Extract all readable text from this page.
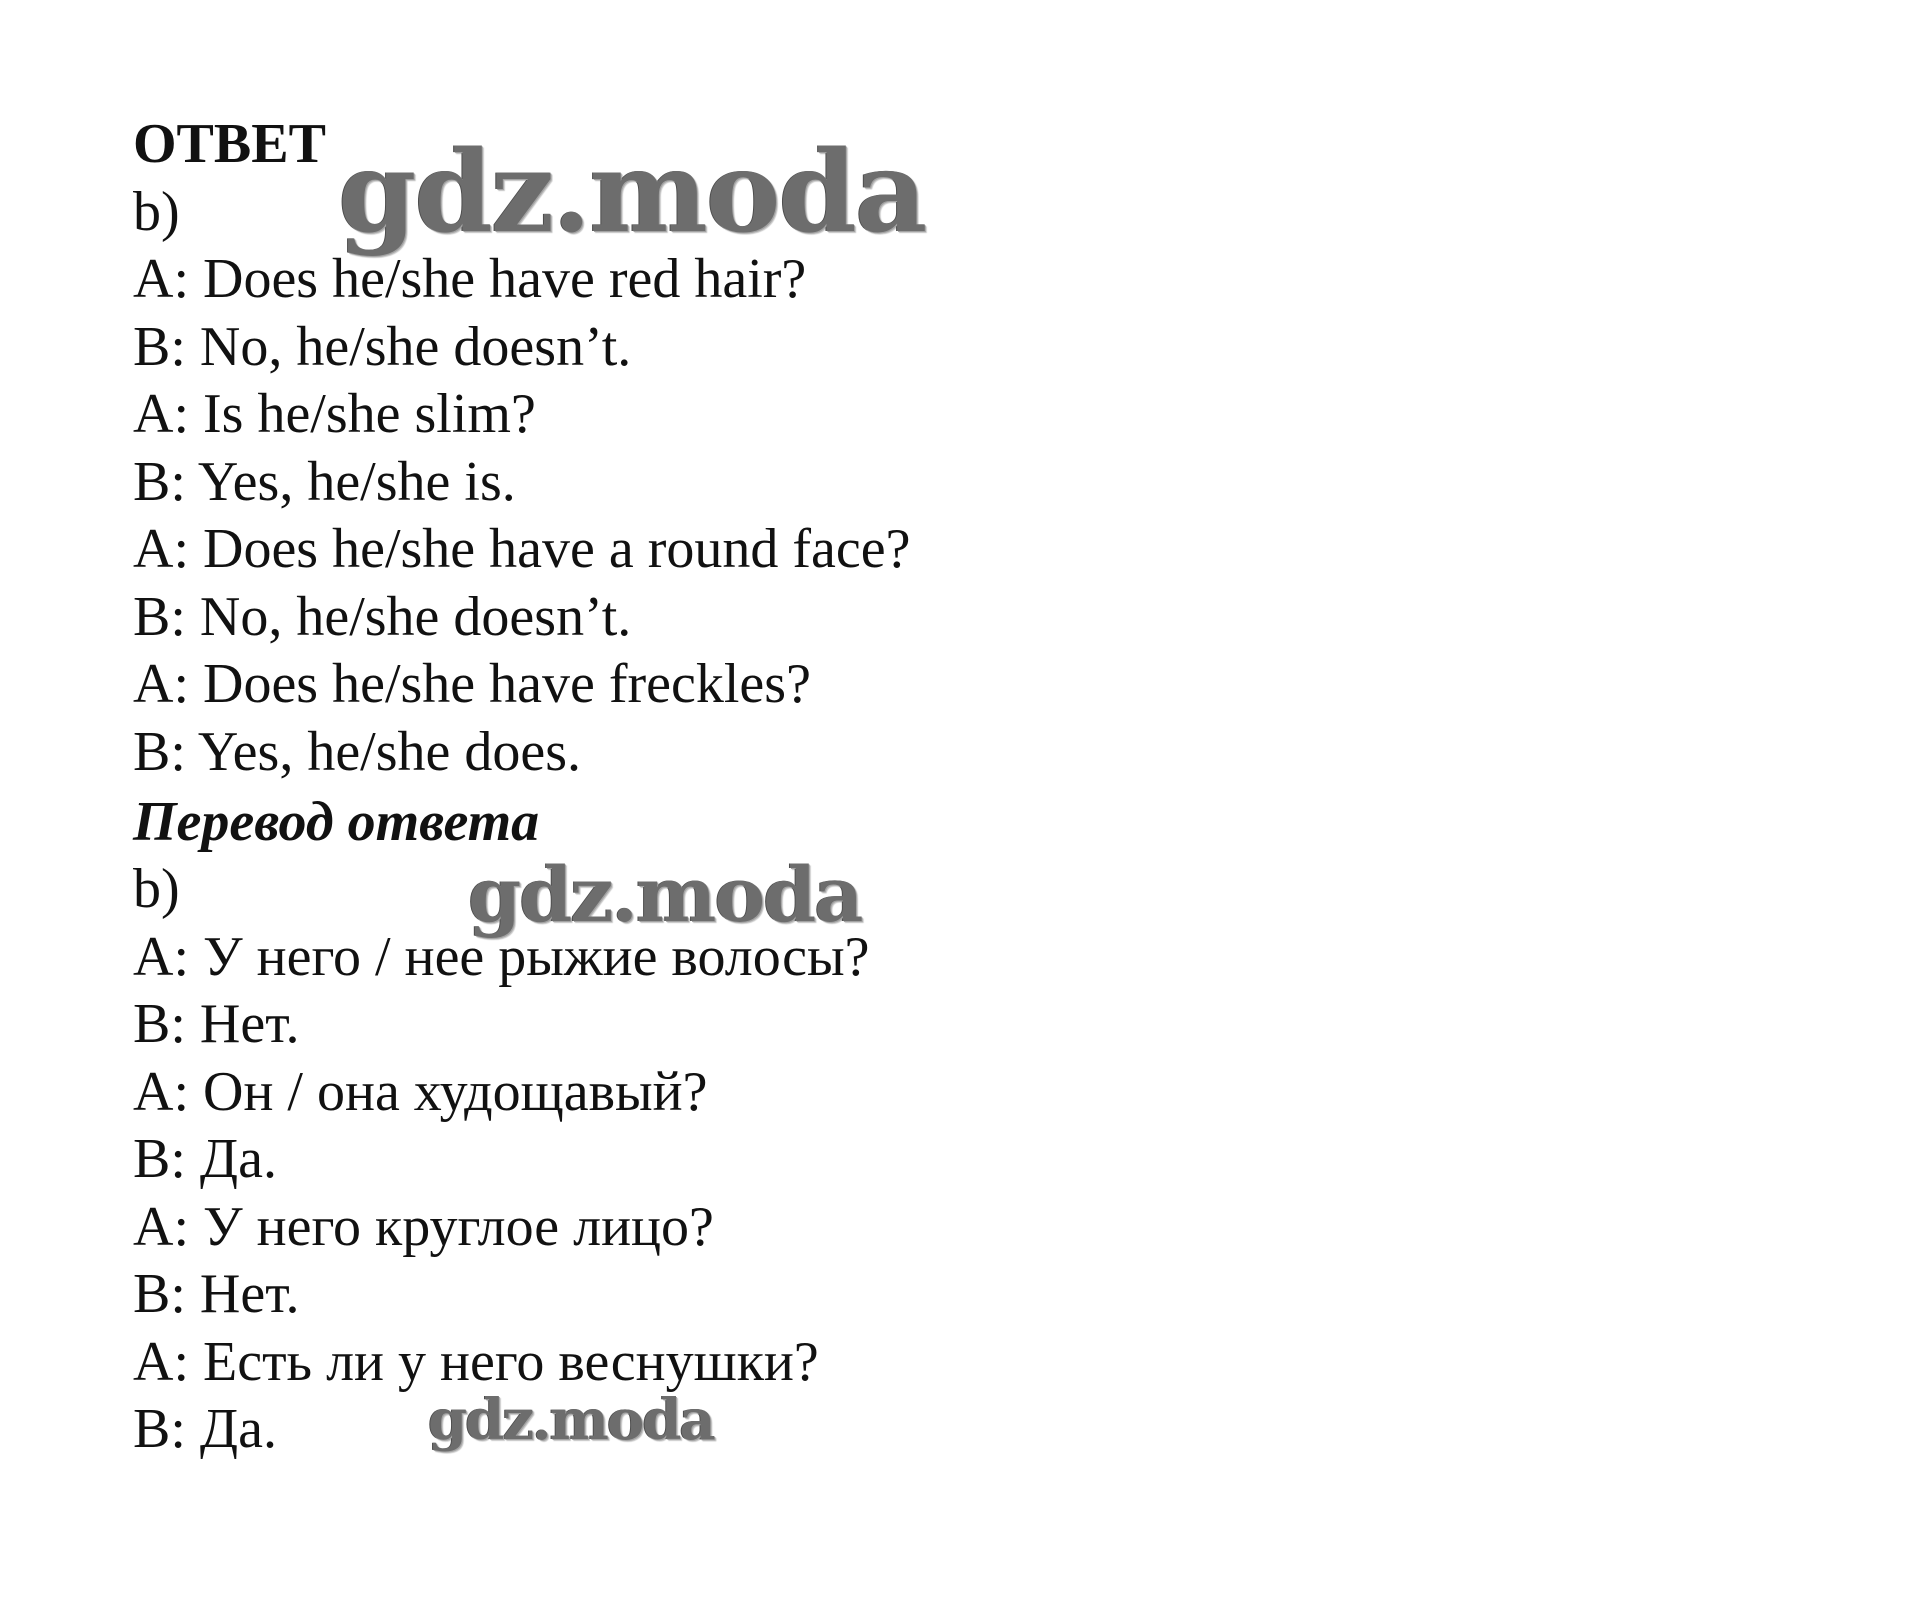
ОТВЕТ
b)
A: Does he/she have red hair?
B: No, he/she doesn’t.
A: Is he/she slim?
B: Yes, he/she is.
A: Does he/she have a round face?
B: No, he/she doesn’t.
A: Does he/she have freckles?
B: Yes, he/she does.
Перевод ответа
b)
A: У него / нее рыжие волосы?
B: Нет.
A: Он / она худощавый?
B: Да.
A: У него круглое лицо?
B: Нет.
A: Есть ли у него веснушки?
B: Да.
gdz.moda
gdz.moda
gdz.moda
